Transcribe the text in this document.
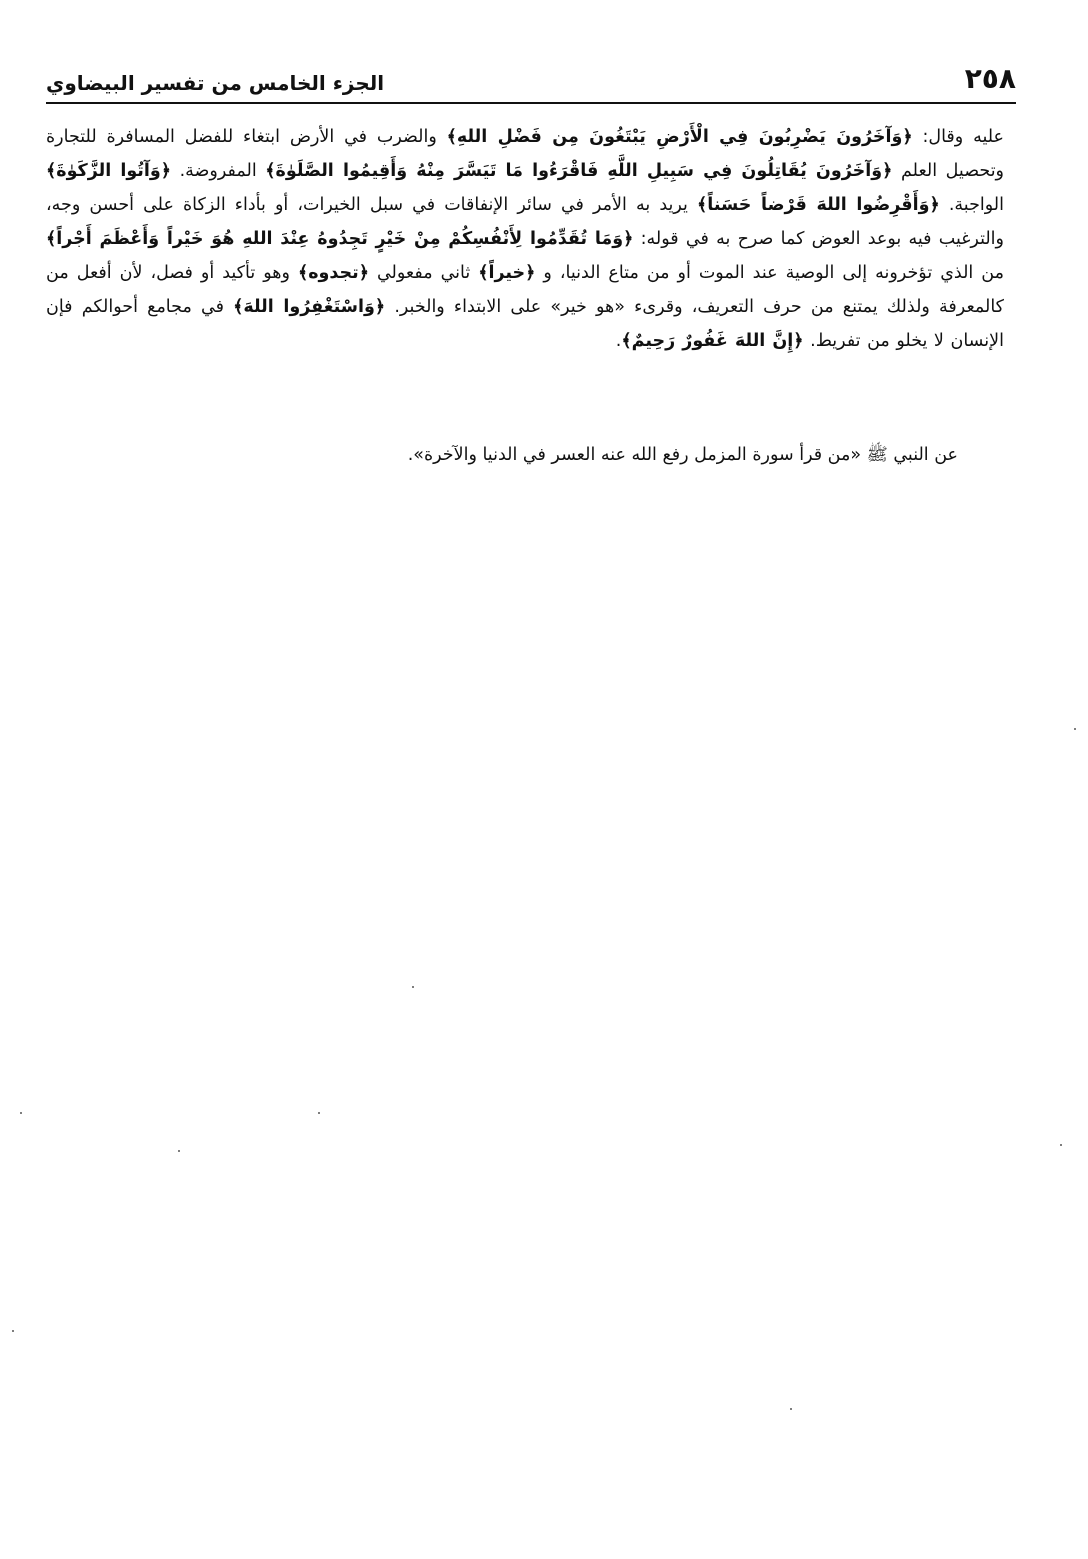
٢٥٨
الجزء الخامس من تفسير البيضاوي
عليه وقال: ﴿وَآخَرُونَ يَضْرِبُونَ فِي الْأَرْضِ يَبْتَغُونَ مِن فَضْلِ اللهِ﴾ والضرب في الأرض ابتغاء للفضل المسافرة للتجارة وتحصيل العلم ﴿وَآخَرُونَ يُقَاتِلُونَ فِي سَبِيلِ اللَّهِ فَاقْرَءُوا مَا تَيَسَّرَ مِنْهُ وَأَقِيمُوا الصَّلَوٰةَ﴾ المفروضة. ﴿وَآتُوا الزَّكَوٰةَ﴾ الواجبة. ﴿وَأَقْرِضُوا اللهَ قَرْضاً حَسَناً﴾ يريد به الأمر في سائر الإنفاقات في سبل الخيرات، أو بأداء الزكاة على أحسن وجه، والترغيب فيه بوعد العوض كما صرح به في قوله: ﴿وَمَا تُقَدِّمُوا لِأَنْفُسِكُمْ مِنْ خَيْرٍ تَجِدُوهُ عِنْدَ اللهِ هُوَ خَيْراً وَأَعْظَمَ أَجْراً﴾ من الذي تؤخرونه إلى الوصية عند الموت أو من متاع الدنيا، و ﴿خيراً﴾ ثاني مفعولي ﴿تجدوه﴾ وهو تأكيد أو فصل، لأن أفعل من كالمعرفة ولذلك يمتنع من حرف التعريف، وقرىء «هو خير» على الابتداء والخبر. ﴿وَاسْتَغْفِرُوا اللهَ﴾ في مجامع أحوالكم فإن الإنسان لا يخلو من تفريط. ﴿إِنَّ اللهَ غَفُورٌ رَحِيمٌ﴾.
عن النبي ﷺ «من قرأ سورة المزمل رفع الله عنه العسر في الدنيا والآخرة».
